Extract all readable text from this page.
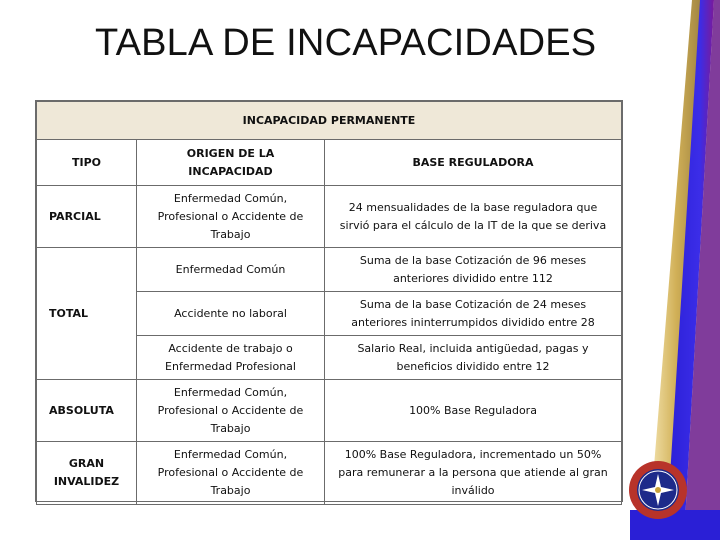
TABLA DE INCAPACIDADES
INCAPACIDAD PERMANENTE		
TIPO	ORIGEN DE LA INCAPACIDAD	BASE REGULADORA
PARCIAL	Enfermedad Común, Profesional o Accidente de Trabajo	24 mensualidades de la base reguladora que sirvió para el cálculo de la IT de la que se deriva
TOTAL	Enfermedad Común	Suma de la base Cotización de 96 meses anteriores dividido entre 112
	Accidente no laboral	Suma de la base Cotización de 24 meses anteriores ininterrumpidos dividido entre 28
	Accidente de trabajo o Enfermedad Profesional	Salario Real, incluida antigüedad, pagas y beneficios dividido entre 12
ABSOLUTA	Enfermedad Común, Profesional o Accidente de Trabajo	100% Base Reguladora
GRAN INVALIDEZ	Enfermedad Común, Profesional o Accidente de Trabajo	100% Base Reguladora, incrementado un 50% para remunerar a la persona que atiende al gran inválido
